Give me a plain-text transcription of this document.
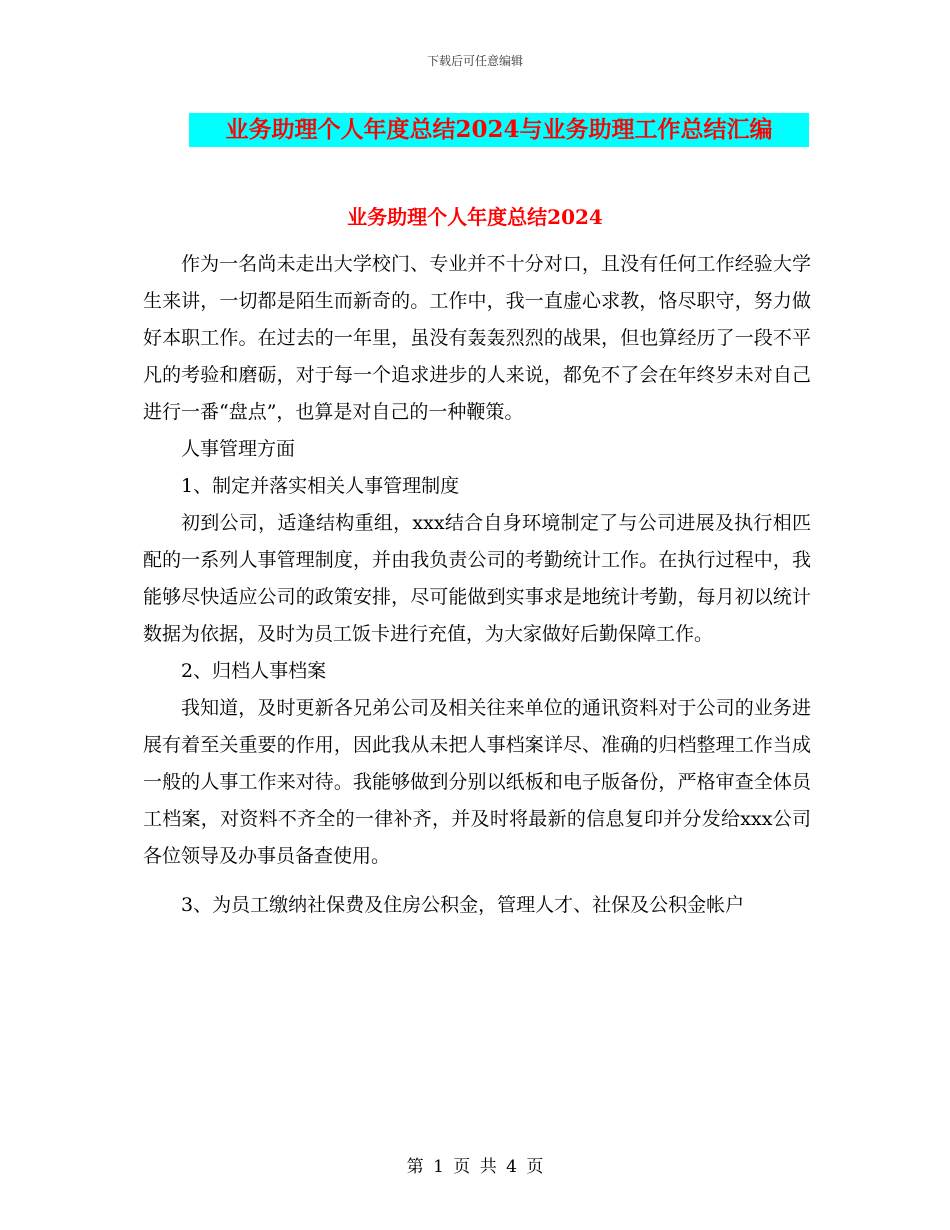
下载后可任意编辑
业务助理个人年度总结2024与业务助理工作总结汇编
业务助理个人年度总结2024

作为一名尚未走出大学校门、专业并不十分对口，且没有任何工作经验大学生来讲，一切都是陌生而新奇的。工作中，我一直虚心求教，恪尽职守，努力做好本职工作。在过去的一年里，虽没有轰轰烈烈的战果，但也算经历了一段不平凡的考验和磨砺，对于每一个追求进步的人来说，都免不了会在年终岁未对自己进行一番“盘点”，也算是对自己的一种鞭策。

人事管理方面

1、制定并落实相关人事管理制度

初到公司，适逢结构重组，xxx结合自身环境制定了与公司进展及执行相匹配的一系列人事管理制度，并由我负责公司的考勤统计工作。在执行过程中，我能够尽快适应公司的政策安排，尽可能做到实事求是地统计考勤，每月初以统计数据为依据，及时为员工饭卡进行充值，为大家做好后勤保障工作。

2、归档人事档案

我知道，及时更新各兄弟公司及相关往来单位的通讯资料对于公司的业务进展有着至关重要的作用，因此我从未把人事档案详尽、准确的归档整理工作当成一般的人事工作来对待。我能够做到分别以纸板和电子版备份，严格审查全体员工档案，对资料不齐全的一律补齐，并及时将最新的信息复印并分发给xxx公司各位领导及办事员备查使用。

3、为员工缴纳社保费及住房公积金，管理人才、社保及公积金帐户

第 1 页 共 4 页
